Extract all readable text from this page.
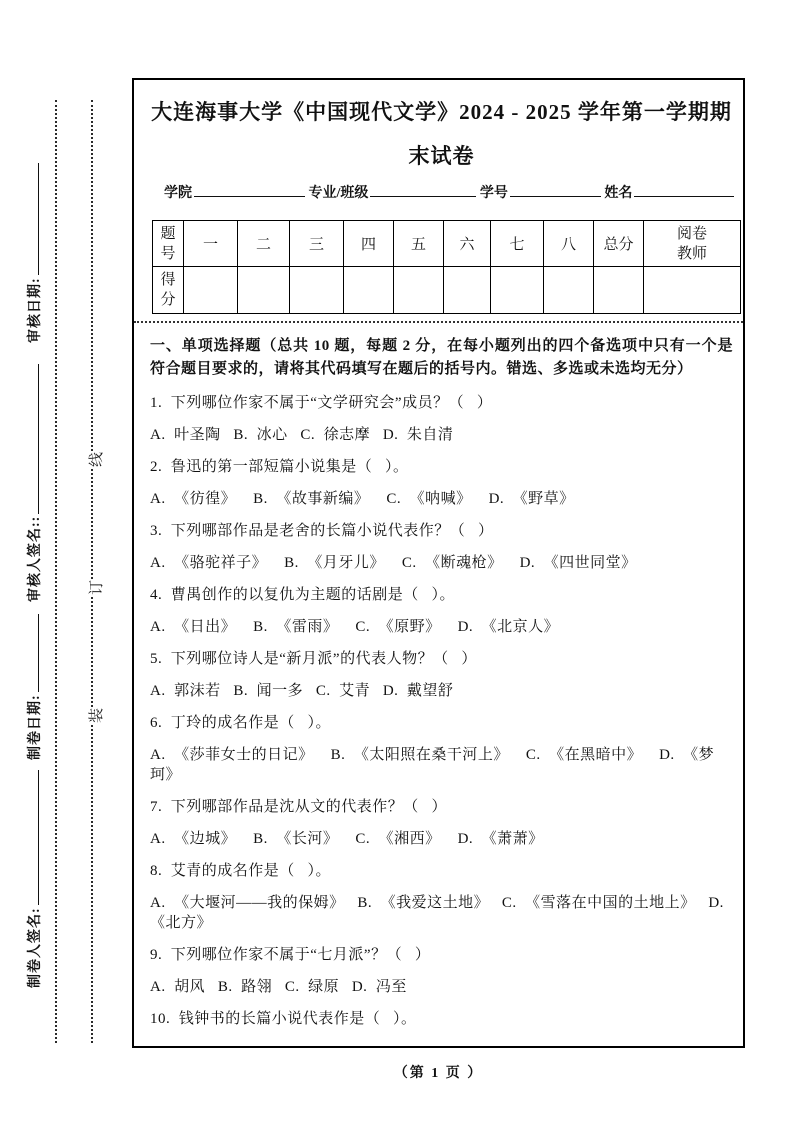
审核日期:
审核人签名::
制卷日期:
制卷人签名:
线
订
装
大连海事大学《中国现代文学》2024 - 2025 学年第一学期期末试卷
学院	专业/班级	学号	姓名
题号	一	二	三	四	五	六	七	八	总分	阅卷教师

得分										

一、单项选择题（总共 10 题，每题 2 分，在每小题列出的四个备选项中只有一个是符合题目要求的，请将其代码填写在题后的括号内。错选、多选或未选均无分）

1.  下列哪位作家不属于“文学研究会”成员？（   ）

A.  叶圣陶   B.  冰心   C.  徐志摩   D.  朱自清

2.  鲁迅的第一部短篇小说集是（   ）。

A.  《彷徨》    B.  《故事新编》    C.  《呐喊》    D.  《野草》

3.  下列哪部作品是老舍的长篇小说代表作？（   ）

A.  《骆驼祥子》    B.  《月牙儿》    C.  《断魂枪》    D.  《四世同堂》

4.  曹禺创作的以复仇为主题的话剧是（   ）。

A.  《日出》    B.  《雷雨》    C.  《原野》    D.  《北京人》

5.  下列哪位诗人是“新月派”的代表人物？（   ）

A.  郭沫若   B.  闻一多   C.  艾青   D.  戴望舒

6.  丁玲的成名作是（   ）。

A.  《莎菲女士的日记》    B.  《太阳照在桑干河上》    C.  《在黑暗中》    D.  《梦珂》

7.  下列哪部作品是沈从文的代表作？（   ）

A.  《边城》    B.  《长河》    C.  《湘西》    D.  《萧萧》

8.  艾青的成名作是（   ）。

A.  《大堰河——我的保姆》   B.  《我爱这土地》   C.  《雪落在中国的土地上》   D.  《北方》

9.  下列哪位作家不属于“七月派”？（   ）

A.  胡风   B.  路翎   C.  绿原   D.  冯至

10.  钱钟书的长篇小说代表作是（   ）。

（第 1 页 ）
